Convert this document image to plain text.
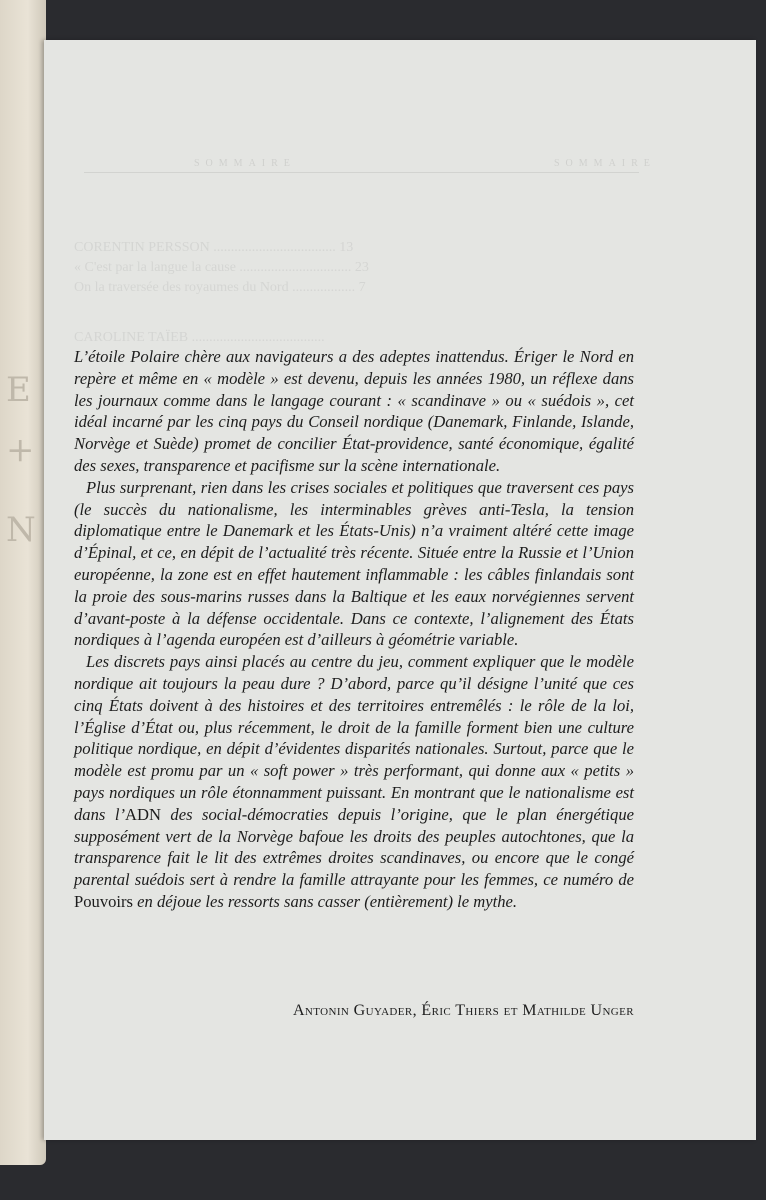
E
+
N
SOMMAIRE	SOMMAIRE
CORENTIN PERSSON ................................... 13
« C'est par la langue la cause ................................ 23
On la traversée des royaumes du Nord .................. 7
CAROLINE TAÏEB ......................................

L’étoile Polaire chère aux navigateurs a des adeptes inattendus. Ériger le Nord en repère et même en « modèle » est devenu, depuis les années 1980, un réflexe dans les journaux comme dans le langage courant : « scandinave » ou « suédois », cet idéal incarné par les cinq pays du Conseil nordique (Danemark, Finlande, Islande, Norvège et Suède) promet de concilier État-providence, santé économique, égalité des sexes, transparence et pacifisme sur la scène internationale.

Plus surprenant, rien dans les crises sociales et politiques que traversent ces pays (le succès du nationalisme, les interminables grèves anti-Tesla, la tension diplomatique entre le Danemark et les États-Unis) n’a vraiment altéré cette image d’Épinal, et ce, en dépit de l’actualité très récente. Située entre la Russie et l’Union européenne, la zone est en effet hautement inflammable : les câbles finlandais sont la proie des sous-marins russes dans la Baltique et les eaux norvégiennes servent d’avant-poste à la défense occidentale. Dans ce contexte, l’alignement des États nordiques à l’agenda européen est d’ailleurs à géométrie variable.

Les discrets pays ainsi placés au centre du jeu, comment expliquer que le modèle nordique ait toujours la peau dure ? D’abord, parce qu’il désigne l’unité que ces cinq États doivent à des histoires et des territoires entremêlés : le rôle de la loi, l’Église d’État ou, plus récemment, le droit de la famille forment bien une culture politique nordique, en dépit d’évidentes disparités nationales. Surtout, parce que le modèle est promu par un « soft power » très performant, qui donne aux « petits » pays nordiques un rôle étonnamment puissant. En montrant que le nationalisme est dans l’ADN des social-démocraties depuis l’origine, que le plan énergétique supposément vert de la Norvège bafoue les droits des peuples autochtones, que la transparence fait le lit des extrêmes droites scandinaves, ou encore que le congé parental suédois sert à rendre la famille attrayante pour les femmes, ce numéro de Pouvoirs en déjoue les ressorts sans casser (entièrement) le mythe.

Antonin Guyader, Éric Thiers et Mathilde Unger
